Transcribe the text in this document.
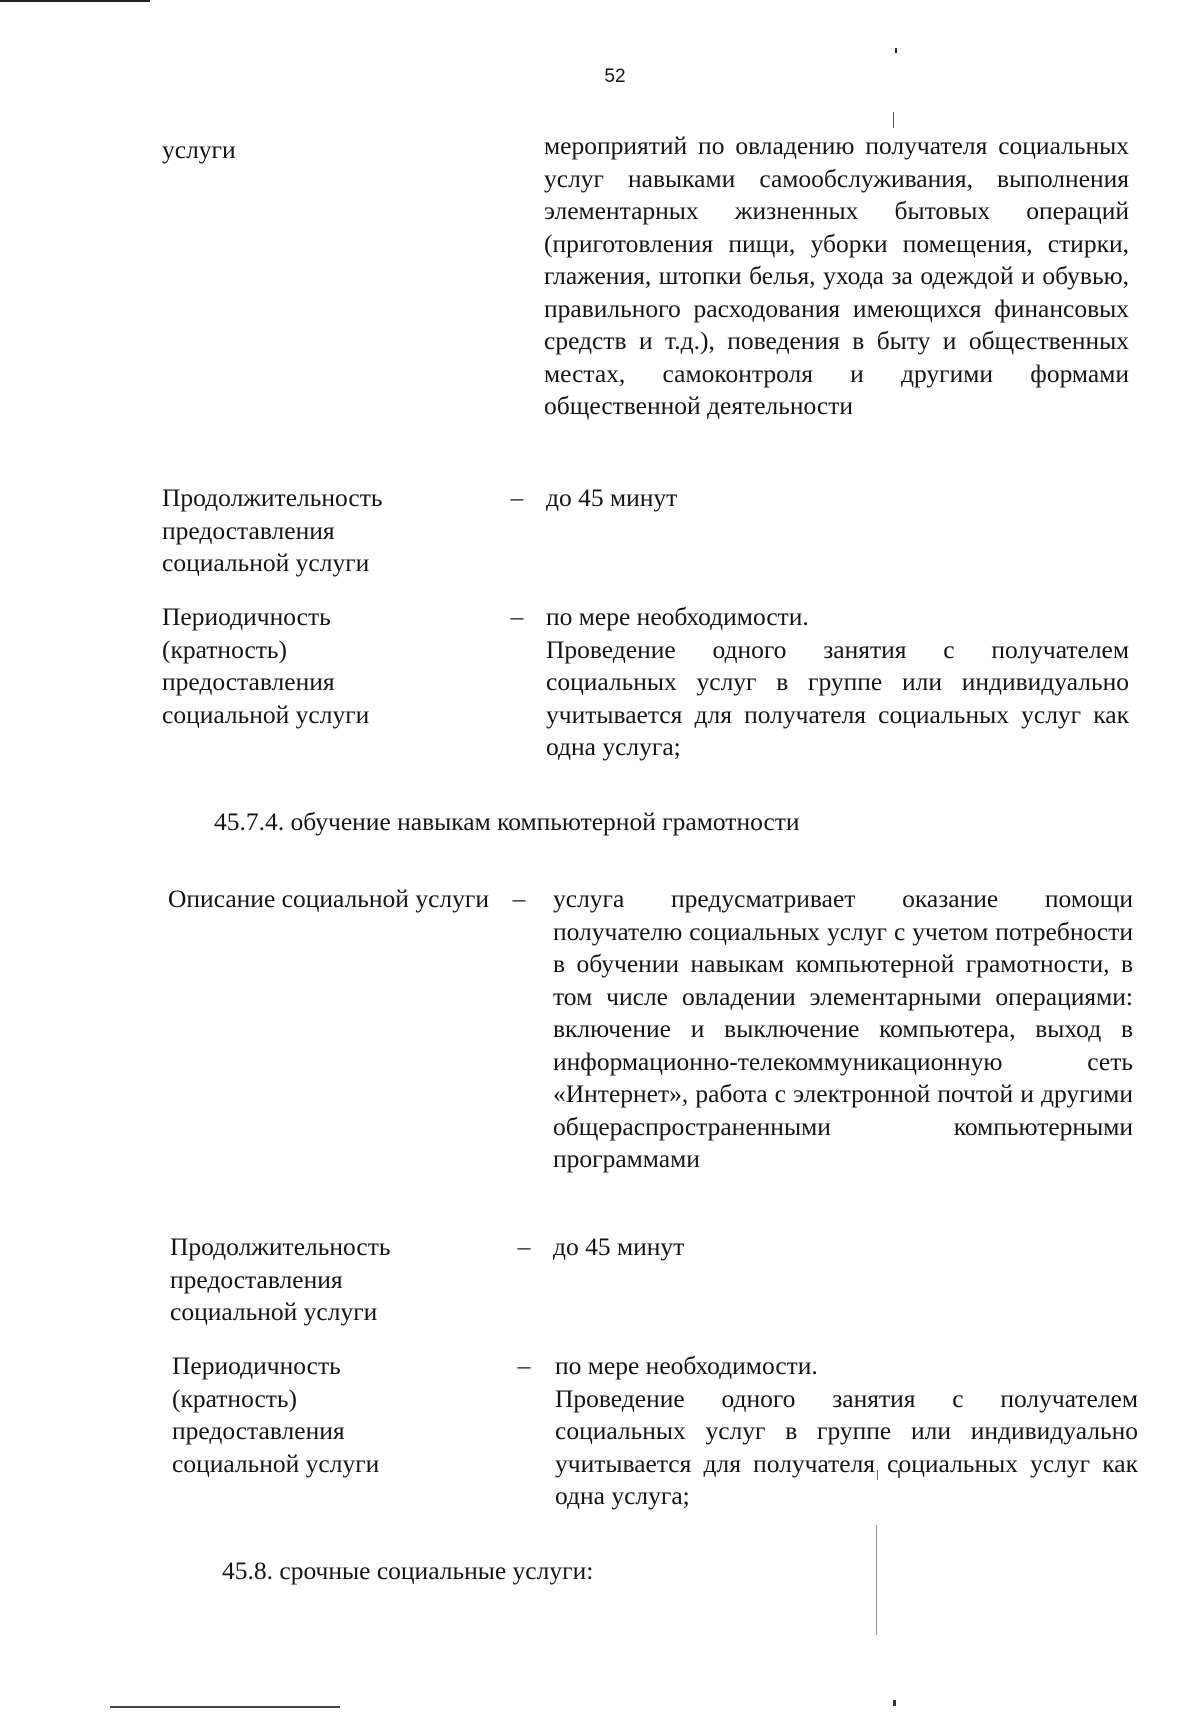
52
услуги	мероприятий по овладению получателя социальных услуг навыками самообслуживания, выполнения элементарных жизненных бытовых операций (приготовления пищи, уборки помещения, стирки, глажения, штопки белья, ухода за одеждой и обувью, правильного расходования имеющихся финансовых средств и т.д.), поведения в быту и общественных местах, самоконтроля и другими формами общественной деятельности
Продолжительность предоставления социальной услуги
– до 45 минут
Периодичность (кратность) предоставления социальной услуги
– по мере необходимости.

Проведение одного занятия с получателем социальных услуг в группе или индивидуально учитывается для получателя социальных услуг как одна услуга;

45.7.4. обучение навыкам компьютерной грамотности
Описание социальной услуги –	услуга предусматривает оказание помощи получателю социальных услуг с учетом потребности в обучении навыкам компьютерной грамотности, в том числе овладении элементарными операциями: включение и выключение компьютера, выход в информационно-телекоммуникационную сеть «Интернет», работа с электронной почтой и другими общераспространенными компьютерными программами
Продолжительность предоставления социальной услуги
– до 45 минут
Периодичность (кратность) предоставления социальной услуги
– по мере необходимости.

Проведение одного занятия с получателем социальных услуг в группе или индивидуально учитывается для получателя социальных услуг как одна услуга;

45.8. срочные социальные услуги:
